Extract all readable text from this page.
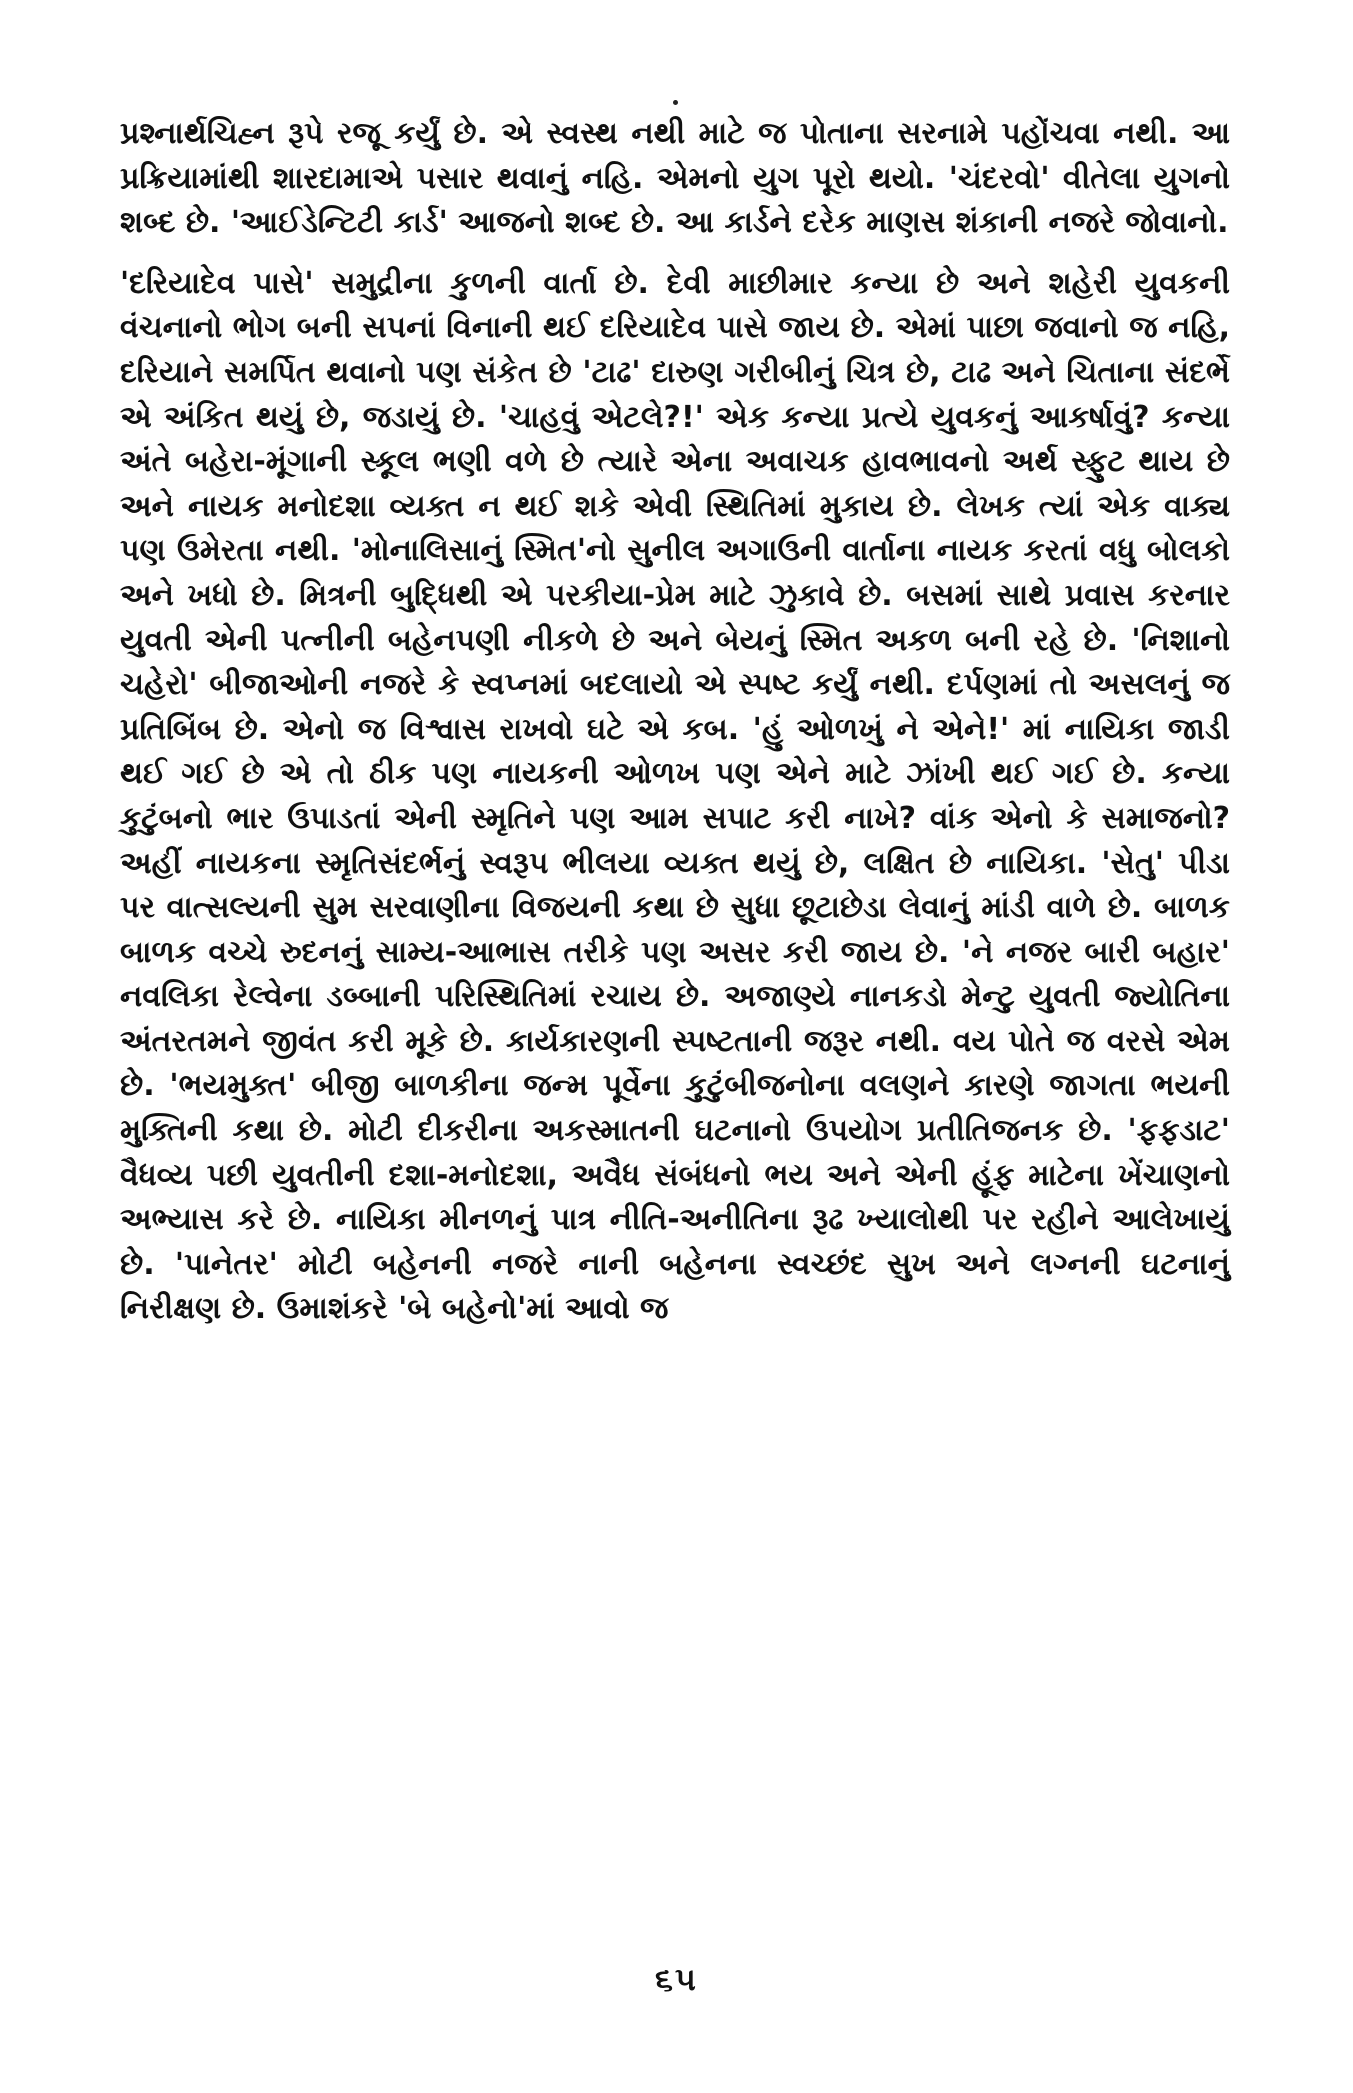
પ્રશ્નાર્થચિહ્ન રૂપે રજૂ કર્યું છે. એ સ્વસ્થ નથી માટે જ પોતાના સરનામે પહોંચવા નથી. આ પ્રક્રિયામાંથી શારદામાએ પસાર થવાનું નહિ. એમનો યુગ પૂરો થયો. 'ચંદરવો' વીતેલા યુગનો શબ્દ છે. 'આઈડેન્ટિટી કાર્ડ' આજનો શબ્દ છે. આ કાર્ડને દરેક માણસ શંકાની નજરે જોવાનો.

'દરિયાદેવ પાસે' સમુદ્રીના કુળની વાર્તા છે. દેવી માછીમાર કન્યા છે અને શહેરી યુવકની વંચનાનો ભોગ બની સપનાં વિનાની થઈ દરિયાદેવ પાસે જાય છે. એમાં પાછા જવાનો જ નહિ, દરિયાને સમર્પિત થવાનો પણ સંકેત છે 'ટાઢ' દારુણ ગરીબીનું ચિત્ર છે, ટાઢ અને ચિતાના સંદર્ભે એ અંકિત થયું છે, જડાયું છે. 'ચાહવું એટલે?!' એક કન્યા પ્રત્યે યુવકનું આકર્ષાવું? કન્યા અંતે બહેરા-મૂંગાની સ્કૂલ ભણી વળે છે ત્યારે એના અવાચક હાવભાવનો અર્થ સ્ફુટ થાય છે અને નાયક મનોદશા વ્યક્ત ન થઈ શકે એવી સ્થિતિમાં મુકાય છે. લેખક ત્યાં એક વાક્ય પણ ઉમેરતા નથી. 'મોનાલિસાનું સ્મિત'નો સુનીલ અગાઉની વાર્તાના નાયક કરતાં વધુ બોલકો અને ખધો છે. મિત્રની બુદ્ધિથી એ પરકીયા-પ્રેમ માટે ઝુકાવે છે. બસમાં સાથે પ્રવાસ કરનાર યુવતી એની પત્નીની બહેનપણી નીકળે છે અને બેયનું સ્મિત અકળ બની રહે છે. 'નિશાનો ચહેરો' બીજાઓની નજરે કે સ્વપ્નમાં બદલાયો એ સ્પષ્ટ કર્યું નથી. દર્પણમાં તો અસલનું જ પ્રતિબિંબ છે. એનો જ વિશ્વાસ રાખવો ઘટે એ કબ. 'હું ઓળખું ને એને!' માં નાયિકા જાડી થઈ ગઈ છે એ તો ઠીક પણ નાયકની ઓળખ પણ એને માટે ઝાંખી થઈ ગઈ છે. કન્યા કુટુંબનો ભાર ઉપાડતાં એની સ્મૃતિને પણ આમ સપાટ કરી નાખે? વાંક એનો કે સમાજનો? અહીં નાયકના સ્મૃતિસંદર્ભનું સ્વરૂપ ભીલયા વ્યક્ત થયું છે, લક્ષિત છે નાયિકા. 'સેતુ' પીડા પર વાત્સલ્યની સુમ સરવાણીના વિજયની કથા છે સુધા છૂટાછેડા લેવાનું માંડી વાળે છે. બાળક બાળક વચ્ચે રુદનનું સામ્ય-આભાસ તરીકે પણ અસર કરી જાય છે. 'ને નજર બારી બહાર' નવલિકા રેલ્વેના ડબ્બાની પરિસ્થિતિમાં રચાય છે. અજાણ્યે નાનકડો મેન્ટુ યુવતી જ્યોતિના અંતરતમને જીવંત કરી મૂકે છે. કાર્યકારણની સ્પષ્ટતાની જરૂર નથી. વય પોતે જ વરસે એમ છે. 'ભયમુક્ત' બીજી બાળકીના જન્મ પૂર્વેના કુટુંબીજનોના વલણને કારણે જાગતા ભયની મુક્તિની કથા છે. મોટી દીકરીના અકસ્માતની ઘટનાનો ઉપયોગ પ્રતીતિજનક છે. 'ફફડાટ' વૈધવ્ય પછી યુવતીની દશા-મનોદશા, અવૈધ સંબંધનો ભય અને એની હૂંફ માટેના ખેંચાણનો અભ્યાસ કરે છે. નાયિકા મીનળનું પાત્ર નીતિ-અનીતિના રૂઢ ખ્યાલોથી પર રહીને આલેખાયું છે. 'પાનેતર' મોટી બહેનની નજરે નાની બહેનના સ્વચ્છંદ સુખ અને લગ્નની ઘટનાનું નિરીક્ષણ છે. ઉમાશંકરે 'બે બહેનો'માં આવો જ

૬૫
